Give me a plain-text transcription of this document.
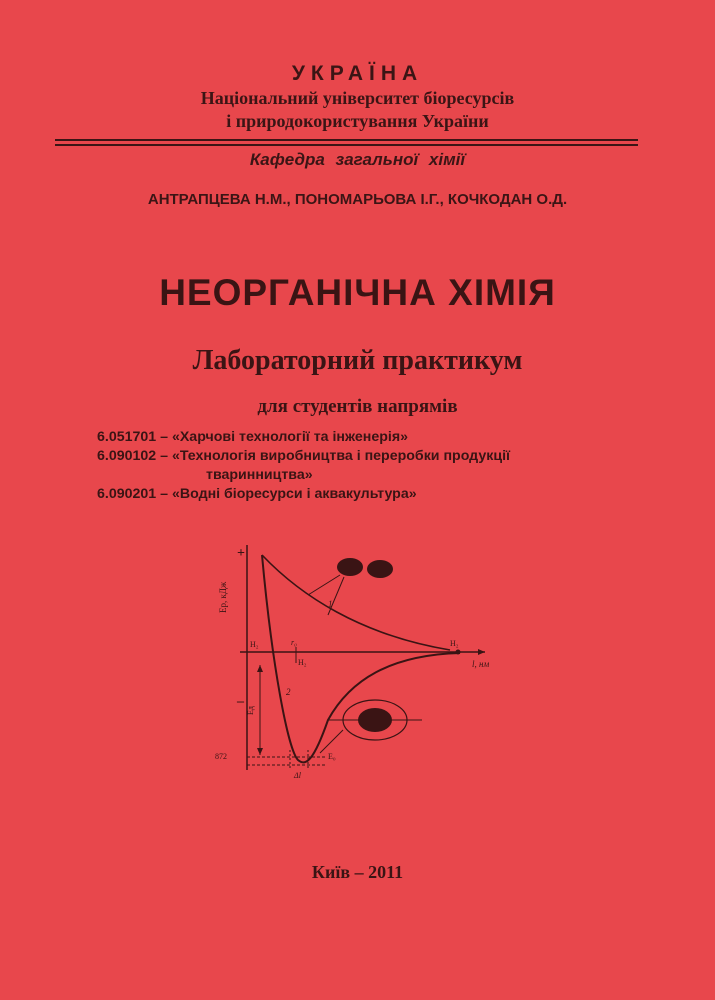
УКРАЇНА
Національний університет біоресурсів
і природокористування України
Кафедра загальної хімії
АНТРАПЦЕВА Н.М., ПОНОМАРЬОВА І.Г., КОЧКОДАН О.Д.
НЕОРГАНІЧНА ХІМІЯ
Лабораторний практикум
для студентів напрямів
6.051701 – «Харчові технології та інженерія»
6.090102 – «Технологія виробництва і переробки продукції
тваринництва»
6.090201 – «Водні біоресурси і аквакультура»
+
–
Eр, кДж
l, нм
1
2
H₂	r₀
H₂
H₂
Eд
872	E₀
Δl
Київ – 2011
